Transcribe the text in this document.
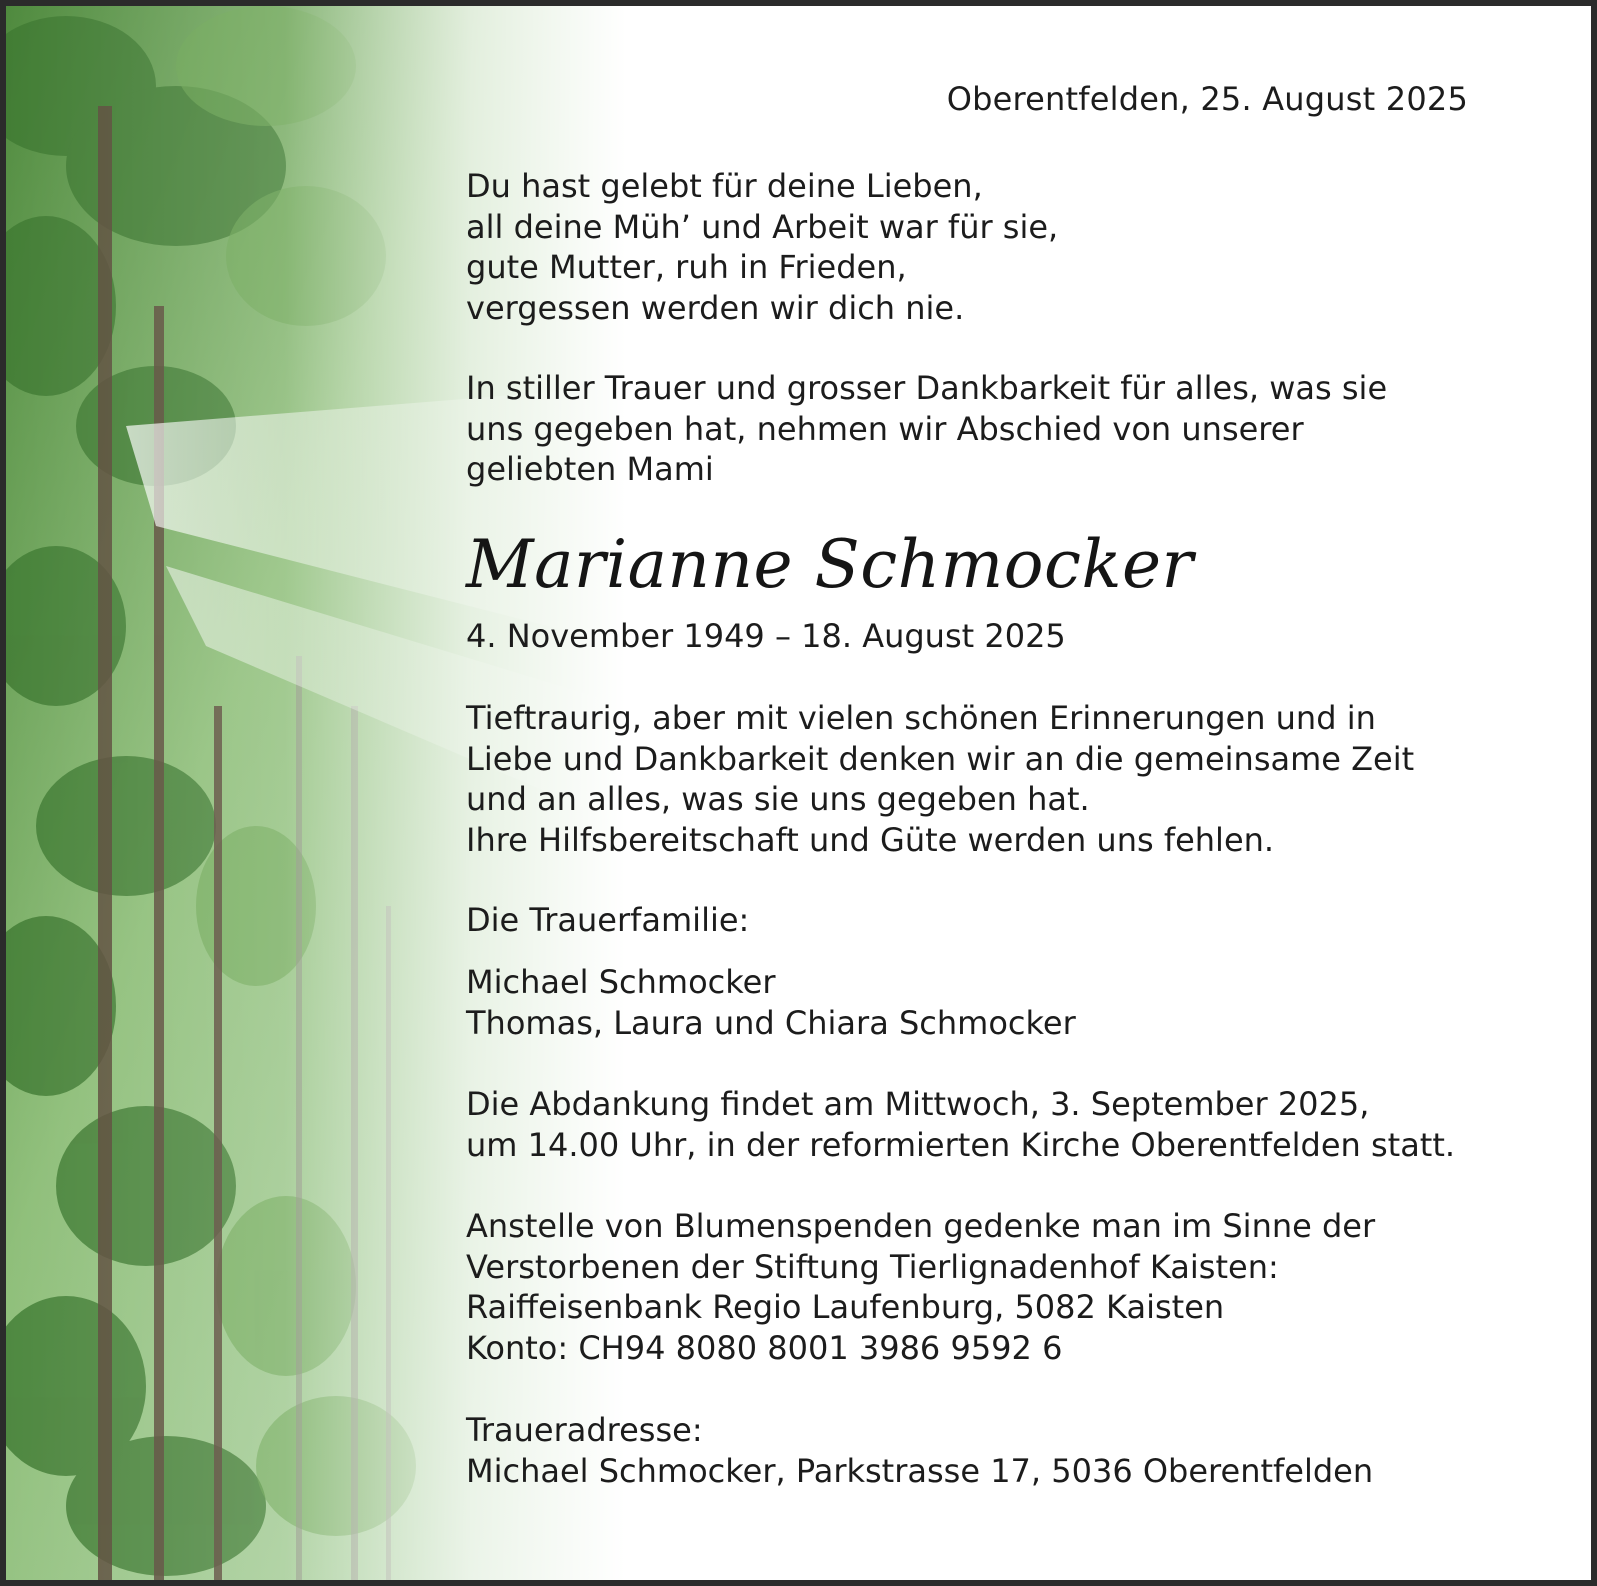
Oberentfelden, 25. August 2025
Du hast gelebt für deine Lieben,
all deine Müh’ und Arbeit war für sie,
gute Mutter, ruh in Frieden,
vergessen werden wir dich nie.
In stiller Trauer und grosser Dankbarkeit für alles, was sie
uns gegeben hat, nehmen wir Abschied von unserer
geliebten Mami
Marianne Schmocker
4. November 1949 – 18. August 2025
Tieftraurig, aber mit vielen schönen Erinnerungen und in
Liebe und Dankbarkeit denken wir an die gemeinsame Zeit
und an alles, was sie uns gegeben hat.
Ihre Hilfsbereitschaft und Güte werden uns fehlen.
Die Trauerfamilie:
Michael Schmocker
Thomas, Laura und Chiara Schmocker
Die Abdankung findet am Mittwoch, 3. September 2025,
um 14.00 Uhr, in der reformierten Kirche Oberentfelden statt.
Anstelle von Blumenspenden gedenke man im Sinne der
Verstorbenen der Stiftung Tierlignadenhof Kaisten:
Raiffeisenbank Regio Laufenburg, 5082 Kaisten
Konto: CH94 8080 8001 3986 9592 6
Traueradresse:
Michael Schmocker, Parkstrasse 17, 5036 Oberentfelden
